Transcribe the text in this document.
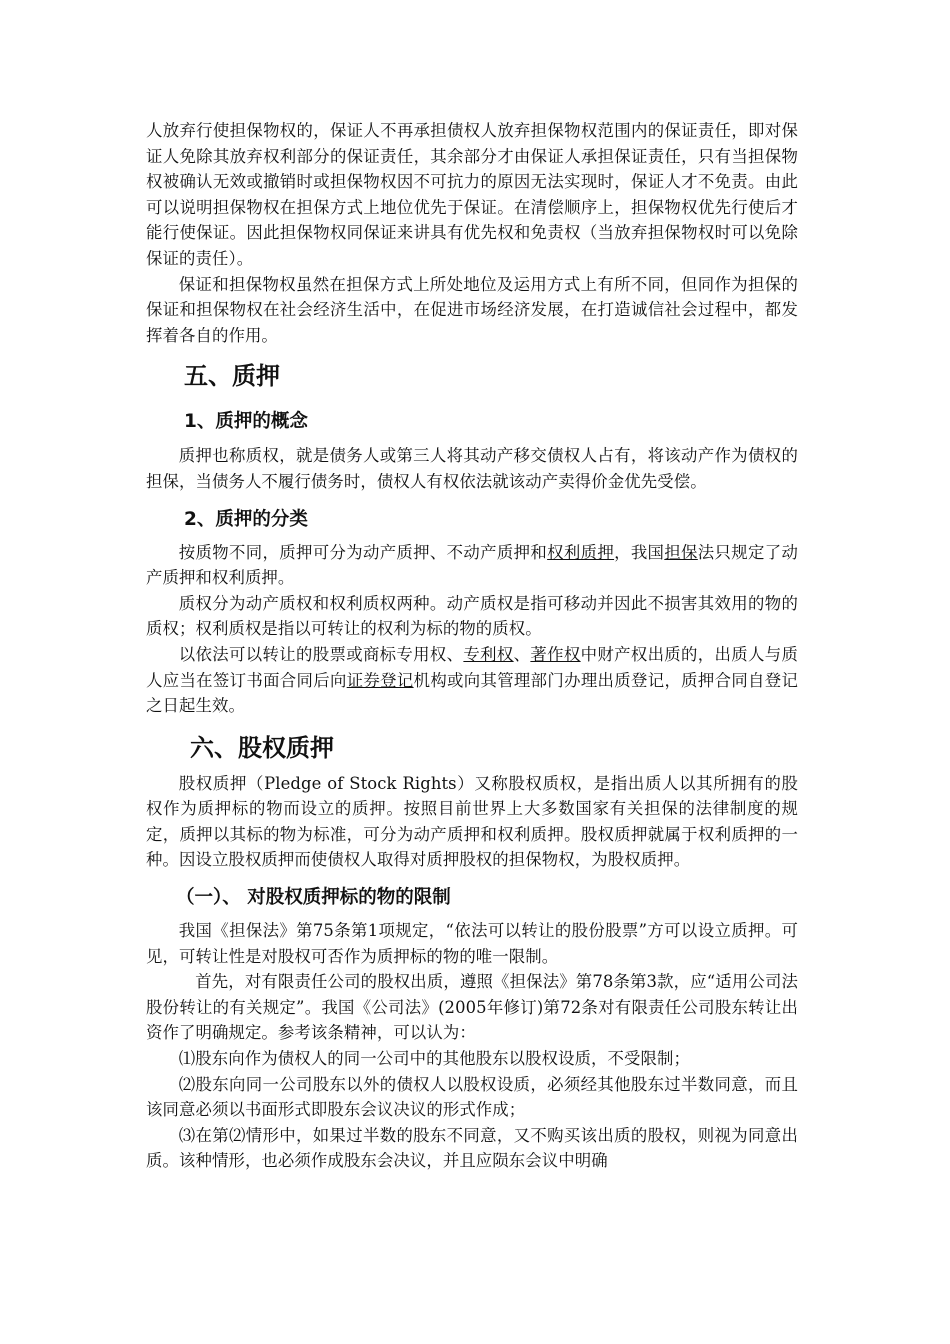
人放弃行使担保物权的，保证人不再承担债权人放弃担保物权范围内的保证责任，即对保证人免除其放弃权利部分的保证责任，其余部分才由保证人承担保证责任，只有当担保物权被确认无效或撤销时或担保物权因不可抗力的原因无法实现时，保证人才不免责。由此可以说明担保物权在担保方式上地位优先于保证。在清偿顺序上，担保物权优先行使后才能行使保证。因此担保物权同保证来讲具有优先权和免责权（当放弃担保物权时可以免除保证的责任）。

保证和担保物权虽然在担保方式上所处地位及运用方式上有所不同，但同作为担保的保证和担保物权在社会经济生活中，在促进市场经济发展，在打造诚信社会过程中，都发挥着各自的作用。

五、质押
1、质押的概念

质押也称质权，就是债务人或第三人将其动产移交债权人占有，将该动产作为债权的担保，当债务人不履行债务时，债权人有权依法就该动产卖得价金优先受偿。

2、质押的分类

按质物不同，质押可分为动产质押、不动产质押和权利质押，我国担保法只规定了动产质押和权利质押。

质权分为动产质权和权利质权两种。动产质权是指可移动并因此不损害其效用的物的质权；权利质权是指以可转让的权利为标的物的质权。

以依法可以转让的股票或商标专用权、专利权、著作权中财产权出质的，出质人与质人应当在签订书面合同后向证券登记机构或向其管理部门办理出质登记，质押合同自登记之日起生效。

六、股权质押

股权质押（Pledge of Stock Rights）又称股权质权，是指出质人以其所拥有的股权作为质押标的物而设立的质押。按照目前世界上大多数国家有关担保的法律制度的规定，质押以其标的物为标准，可分为动产质押和权利质押。股权质押就属于权利质押的一种。因设立股权质押而使债权人取得对质押股权的担保物权，为股权质押。

（一）、 对股权质押标的物的限制

我国《担保法》第75条第1项规定，“依法可以转让的股份股票”方可以设立质押。可见，可转让性是对股权可否作为质押标的物的唯一限制。

首先，对有限责任公司的股权出质，遵照《担保法》第78条第3款，应“适用公司法股份转让的有关规定”。我国《公司法》(2005年修订)第72条对有限责任公司股东转让出资作了明确规定。参考该条精神，可以认为：

⑴股东向作为债权人的同一公司中的其他股东以股权设质，不受限制；

⑵股东向同一公司股东以外的债权人以股权设质，必须经其他股东过半数同意，而且该同意必须以书面形式即股东会议决议的形式作成；

⑶在第⑵情形中，如果过半数的股东不同意，又不购买该出质的股权，则视为同意出质。该种情形，也必须作成股东会决议，并且应陨东会议中明确
